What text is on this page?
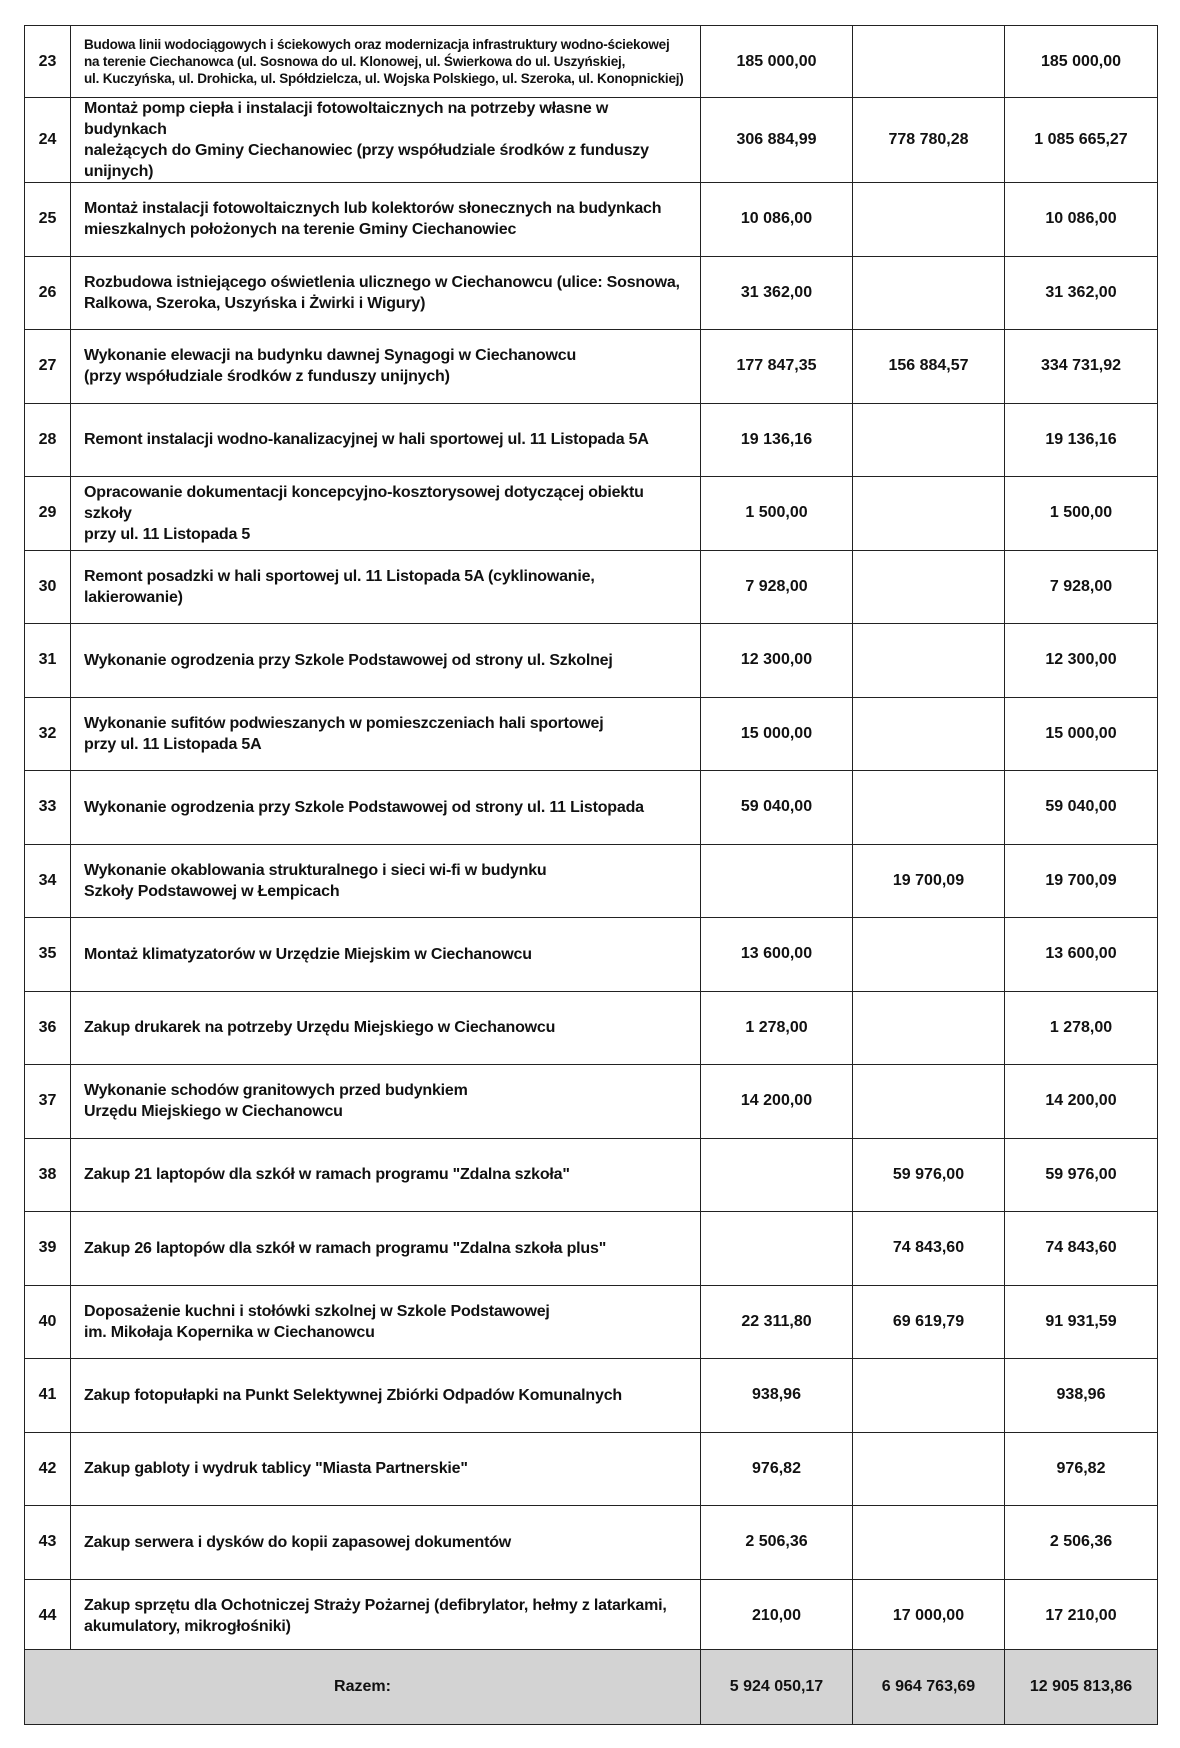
23	Budowa linii wodociągowych i ściekowych oraz modernizacja infrastruktury wodno-ściekowej
na terenie Ciechanowca (ul. Sosnowa do ul. Klonowej, ul. Świerkowa do ul. Uszyńskiej,
ul. Kuczyńska, ul. Drohicka, ul. Spółdzielcza, ul. Wojska Polskiego, ul. Szeroka, ul. Konopnickiej)	185 000,00		185 000,00
24	Montaż pomp ciepła i instalacji fotowoltaicznych na potrzeby własne w budynkach
należących do Gminy Ciechanowiec (przy współudziale środków z funduszy unijnych)	306 884,99	778 780,28	1 085 665,27
25	Montaż instalacji fotowoltaicznych lub kolektorów słonecznych na budynkach
mieszkalnych położonych na terenie Gminy Ciechanowiec	10 086,00		10 086,00
26	Rozbudowa istniejącego oświetlenia ulicznego w Ciechanowcu (ulice: Sosnowa,
Ralkowa, Szeroka, Uszyńska i Żwirki i Wigury)	31 362,00		31 362,00
27	Wykonanie elewacji na budynku dawnej Synagogi w Ciechanowcu
(przy współudziale środków z funduszy unijnych)	177 847,35	156 884,57	334 731,92
28	Remont instalacji wodno-kanalizacyjnej w hali sportowej ul. 11 Listopada 5A	19 136,16		19 136,16
29	Opracowanie dokumentacji koncepcyjno-kosztorysowej dotyczącej obiektu szkoły
przy ul. 11 Listopada 5	1 500,00		1 500,00
30	Remont posadzki w hali sportowej ul. 11 Listopada 5A (cyklinowanie, lakierowanie)	7 928,00		7 928,00
31	Wykonanie ogrodzenia przy Szkole Podstawowej od strony ul. Szkolnej	12 300,00		12 300,00
32	Wykonanie sufitów podwieszanych w pomieszczeniach hali sportowej
przy ul. 11 Listopada 5A	15 000,00		15 000,00
33	Wykonanie ogrodzenia przy Szkole Podstawowej od strony ul. 11 Listopada	59 040,00		59 040,00
34	Wykonanie okablowania strukturalnego i sieci wi-fi w budynku
Szkoły Podstawowej w Łempicach		19 700,09	19 700,09
35	Montaż klimatyzatorów w Urzędzie Miejskim w Ciechanowcu	13 600,00		13 600,00
36	Zakup drukarek na potrzeby Urzędu Miejskiego w Ciechanowcu	1 278,00		1 278,00
37	Wykonanie schodów granitowych przed budynkiem
Urzędu Miejskiego w Ciechanowcu	14 200,00		14 200,00
38	Zakup 21 laptopów dla szkół w ramach programu "Zdalna szkoła"		59 976,00	59 976,00
39	Zakup 26 laptopów dla szkół w ramach programu "Zdalna szkoła plus"		74 843,60	74 843,60
40	Doposażenie kuchni i stołówki szkolnej w Szkole Podstawowej
im. Mikołaja Kopernika w Ciechanowcu	22 311,80	69 619,79	91 931,59
41	Zakup fotopułapki na Punkt Selektywnej Zbiórki Odpadów Komunalnych	938,96		938,96
42	Zakup gabloty i wydruk tablicy "Miasta Partnerskie"	976,82		976,82
43	Zakup serwera i dysków do kopii zapasowej dokumentów	2 506,36		2 506,36
44	Zakup sprzętu dla Ochotniczej Straży Pożarnej (defibrylator, hełmy z latarkami,
akumulatory, mikrogłośniki)	210,00	17 000,00	17 210,00
Razem:	5 924 050,17	6 964 763,69	12 905 813,86
